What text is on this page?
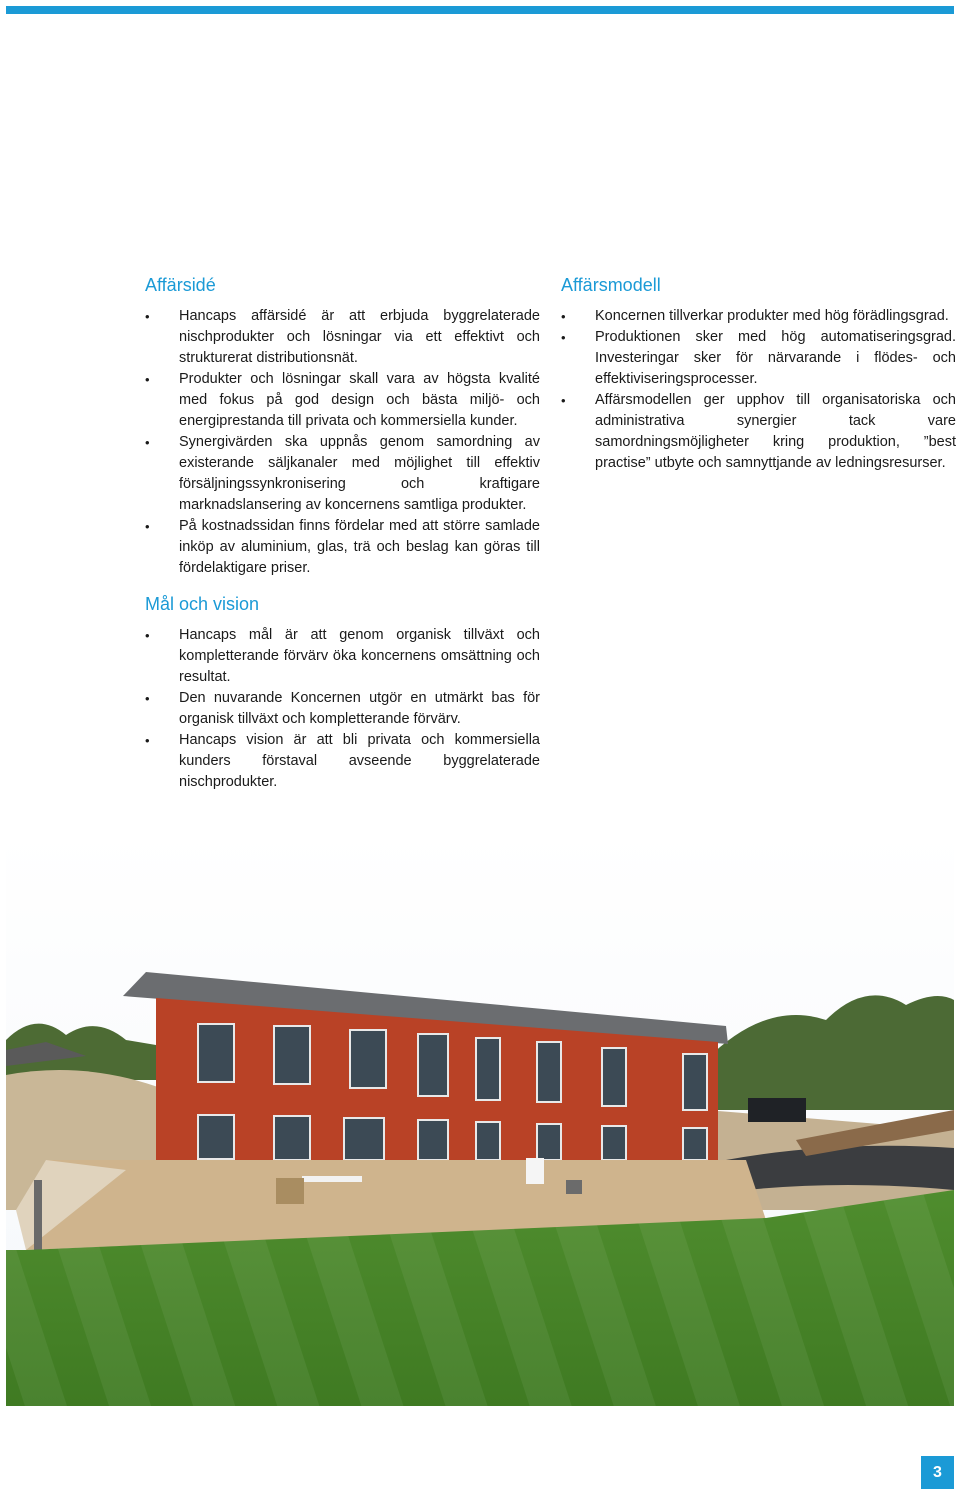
Affärsidé
• Hancaps affärsidé är att erbjuda byggrelaterade nischprodukter och lösningar via ett effektivt och strukturerat distributionsnät.
• Produkter och lösningar skall vara av högsta kvalité med fokus på god design och bästa miljö- och energiprestanda till privata och kommersiella kunder.
• Synergivärden ska uppnås genom samordning av existerande säljkanaler med möjlighet till effektiv försäljningssynkronisering och kraftigare marknadslansering av koncernens samtliga produkter.
• På kostnadssidan finns fördelar med att större samlade inköp av aluminium, glas, trä och beslag kan göras till fördelaktigare priser.
Mål och vision
• Hancaps mål är att genom organisk tillväxt och kompletterande förvärv öka koncernens omsättning och resultat.
• Den nuvarande Koncernen utgör en utmärkt bas för organisk tillväxt och kompletterande förvärv.
• Hancaps vision är att bli privata och kommersiella kunders förstaval avseende byggrelaterade nischprodukter.
Affärsmodell
• Koncernen tillverkar produkter med hög förädlingsgrad.
• Produktionen sker med hög automatiseringsgrad. Investeringar sker för närvarande i flödes- och effektiviseringsprocesser.
• Affärsmodellen ger upphov till organisatoriska och administrativa synergier tack vare samordningsmöjligheter kring produktion, ”best practise” utbyte och samnyttjande av ledningsresurser.
3
